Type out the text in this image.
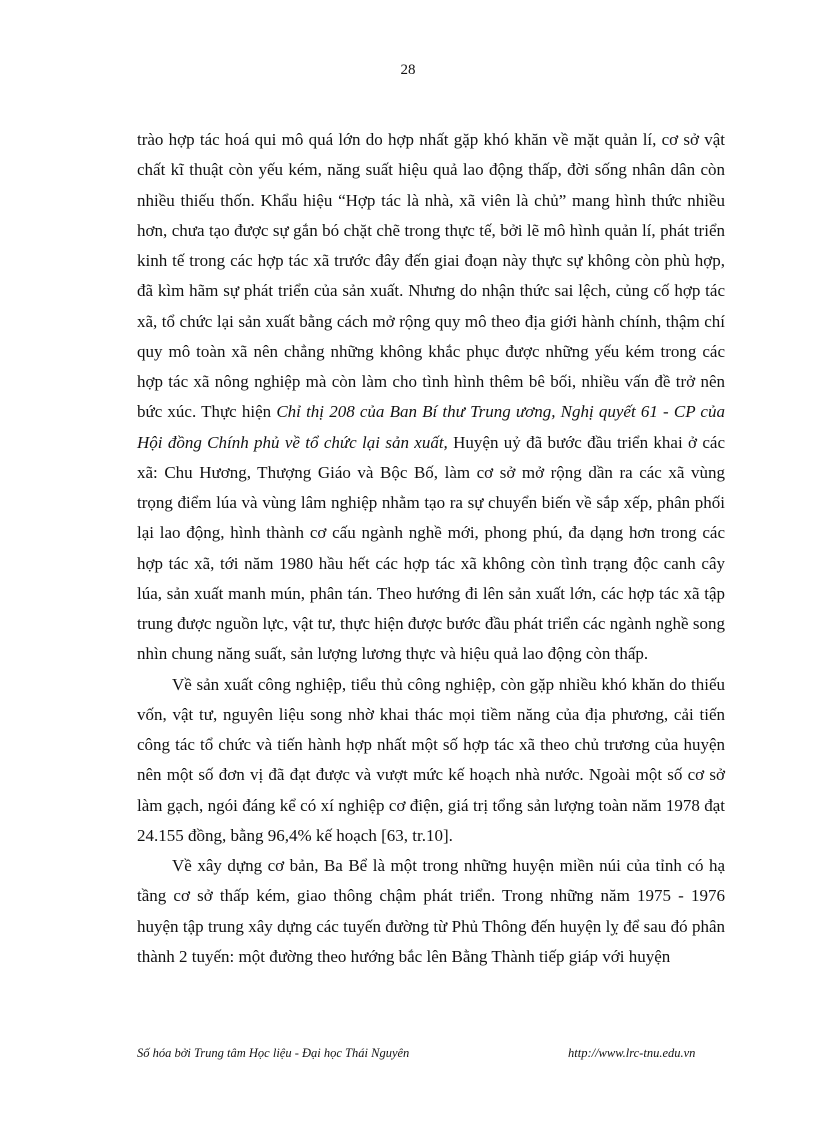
28

trào hợp tác hoá qui mô quá lớn do hợp nhất gặp khó khăn về mặt quản lí, cơ sở vật chất kĩ thuật còn yếu kém, năng suất hiệu quả lao động thấp, đời sống nhân dân còn nhiều thiếu thốn. Khẩu hiệu “Hợp tác là nhà, xã viên là chủ” mang hình thức nhiều hơn, chưa tạo được sự gắn bó chặt chẽ trong thực tế, bởi lẽ mô hình quản lí, phát triển kinh tế trong các hợp tác xã trước đây đến giai đoạn này thực sự không còn phù hợp, đã kìm hãm sự phát triển của sản xuất. Nhưng do nhận thức sai lệch, củng cố hợp tác xã, tổ chức lại sản xuất bằng cách mở rộng quy mô theo địa giới hành chính, thậm chí quy mô toàn xã nên chẳng những không khắc phục được những yếu kém trong các hợp tác xã nông nghiệp mà còn làm cho tình hình thêm bê bối, nhiều vấn đề trở nên bức xúc. Thực hiện Chỉ thị 208 của Ban Bí thư Trung ương, Nghị quyết 61 - CP của Hội đồng Chính phủ về tổ chức lại sản xuất, Huyện uỷ đã bước đầu triển khai ở các xã: Chu Hương, Thượng Giáo và Bộc Bố, làm cơ sở mở rộng dần ra các xã vùng trọng điểm lúa và vùng lâm nghiệp nhằm tạo ra sự chuyển biến về sắp xếp, phân phối lại lao động, hình thành cơ cấu ngành nghề mới, phong phú, đa dạng hơn trong các hợp tác xã, tới năm 1980 hầu hết các hợp tác xã không còn tình trạng độc canh cây lúa, sản xuất manh mún, phân tán. Theo hướng đi lên sản xuất lớn, các hợp tác xã tập trung được nguồn lực, vật tư, thực hiện được bước đầu phát triển các ngành nghề song nhìn chung năng suất, sản lượng lương thực và hiệu quả lao động còn thấp.

Về sản xuất công nghiệp, tiểu thủ công nghiệp, còn gặp nhiều khó khăn do thiếu vốn, vật tư, nguyên liệu song nhờ khai thác mọi tiềm năng của địa phương, cải tiến công tác tổ chức và tiến hành hợp nhất một số hợp tác xã theo chủ trương của huyện nên một số đơn vị đã đạt được và vượt mức kế hoạch nhà nước. Ngoài một số cơ sở làm gạch, ngói đáng kể có xí nghiệp cơ điện, giá trị tổng sản lượng toàn năm 1978 đạt 24.155 đồng, bằng 96,4% kế hoạch [63, tr.10].

Về xây dựng cơ bản, Ba Bể là một trong những huyện miền núi của tỉnh có hạ tầng cơ sở thấp kém, giao thông chậm phát triển. Trong những năm 1975 - 1976 huyện tập trung xây dựng các tuyến đường từ Phủ Thông đến huyện lỵ để sau đó phân thành 2 tuyến: một đường theo hướng bắc lên Bằng Thành tiếp giáp với huyện

Số hóa bởi Trung tâm Học liệu - Đại học Thái Nguyên	http://www.lrc-tnu.edu.vn
